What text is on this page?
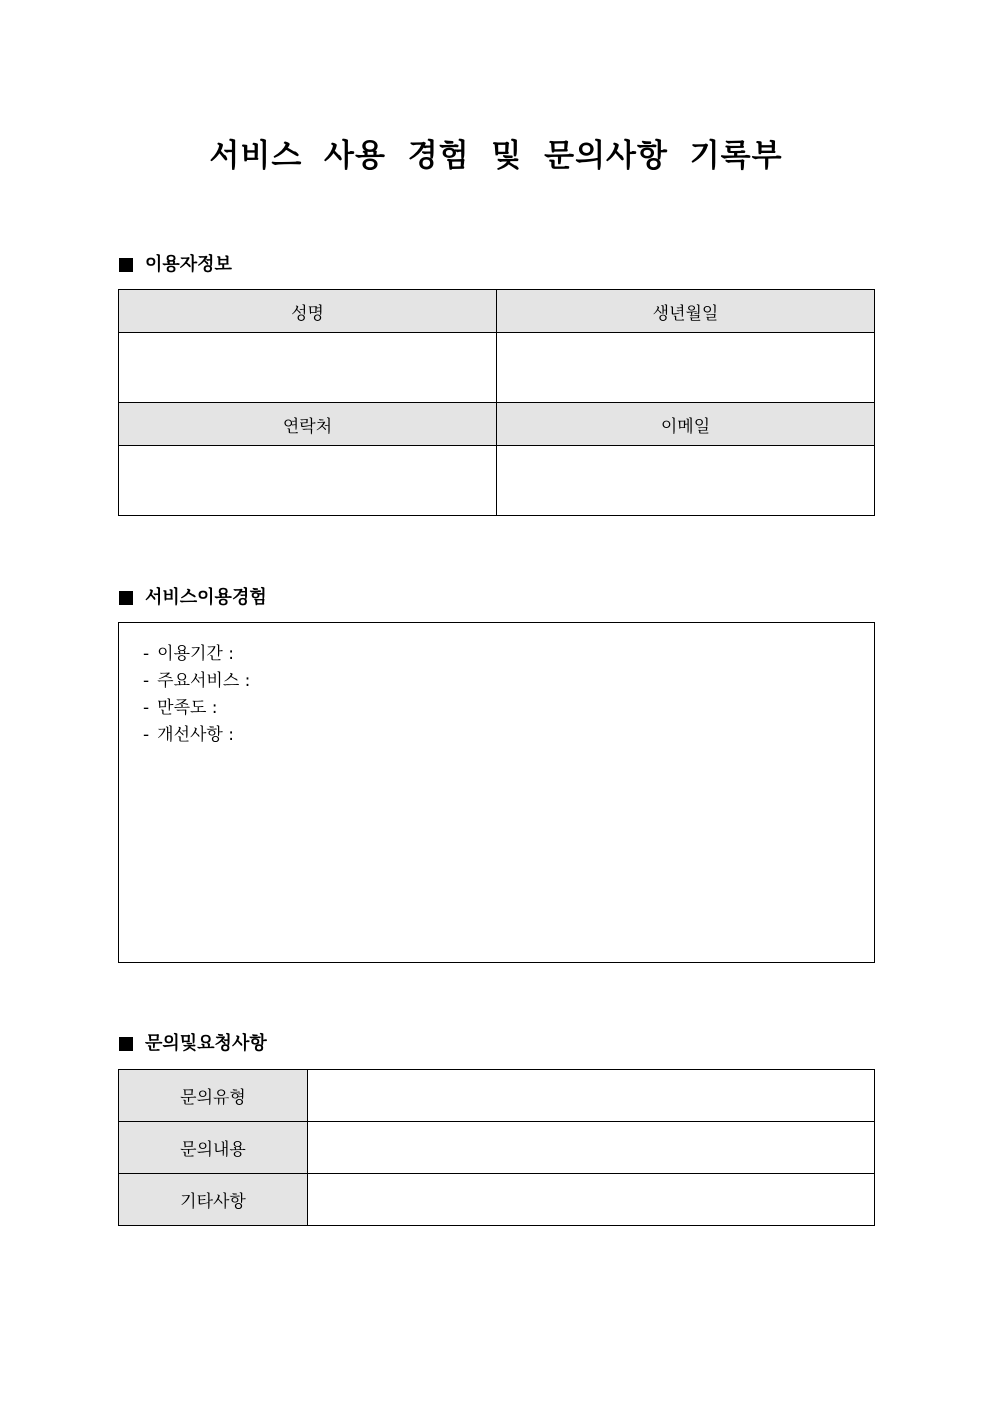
서비스 사용 경험 및 문의사항 기록부
이용자정보
성명	생년월일

연락처	이메일

서비스이용경험
- 이용기간 :
- 주요서비스 :
- 만족도 :
- 개선사항 :
문의및요청사항
문의유형	
문의내용	
기타사항	
